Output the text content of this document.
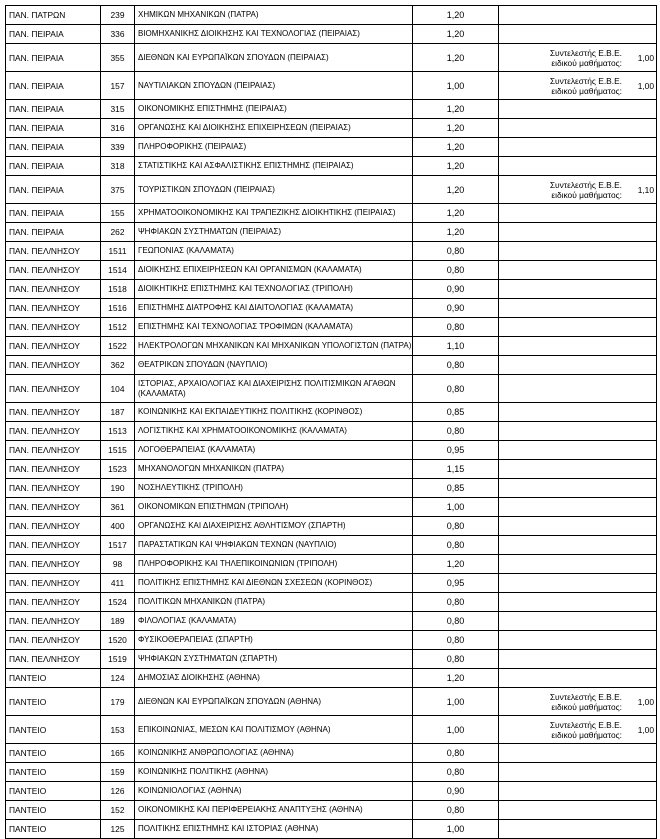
ΠΑΝ. ΠΑΤΡΩΝ	239	ΧΗΜΙΚΩΝ ΜΗΧΑΝΙΚΩΝ (ΠΑΤΡΑ)	1,20	
ΠΑΝ. ΠΕΙΡΑΙΑ	336	ΒΙΟΜΗΧΑΝΙΚΗΣ ΔΙΟΙΚΗΣΗΣ ΚΑΙ ΤΕΧΝΟΛΟΓΙΑΣ (ΠΕΙΡΑΙΑΣ)	1,20	
ΠΑΝ. ΠΕΙΡΑΙΑ	355	ΔΙΕΘΝΩΝ ΚΑΙ ΕΥΡΩΠΑΪΚΩΝ ΣΠΟΥΔΩΝ (ΠΕΙΡΑΙΑΣ)	1,20	Συντελεστής Ε.Β.Ε.
ειδικού μαθήματος: 1,00

ΠΑΝ. ΠΕΙΡΑΙΑ	157	ΝΑΥΤΙΛΙΑΚΩΝ ΣΠΟΥΔΩΝ (ΠΕΙΡΑΙΑΣ)	1,00	Συντελεστής Ε.Β.Ε.
ειδικού μαθήματος: 1,00

ΠΑΝ. ΠΕΙΡΑΙΑ	315	ΟΙΚΟΝΟΜΙΚΗΣ ΕΠΙΣΤΗΜΗΣ (ΠΕΙΡΑΙΑΣ)	1,20	
ΠΑΝ. ΠΕΙΡΑΙΑ	316	ΟΡΓΑΝΩΣΗΣ ΚΑΙ ΔΙΟΙΚΗΣΗΣ ΕΠΙΧΕΙΡΗΣΕΩΝ (ΠΕΙΡΑΙΑΣ)	1,20	
ΠΑΝ. ΠΕΙΡΑΙΑ	339	ΠΛΗΡΟΦΟΡΙΚΗΣ (ΠΕΙΡΑΙΑΣ)	1,20	
ΠΑΝ. ΠΕΙΡΑΙΑ	318	ΣΤΑΤΙΣΤΙΚΗΣ ΚΑΙ ΑΣΦΑΛΙΣΤΙΚΗΣ ΕΠΙΣΤΗΜΗΣ (ΠΕΙΡΑΙΑΣ)	1,20	
ΠΑΝ. ΠΕΙΡΑΙΑ	375	ΤΟΥΡΙΣΤΙΚΩΝ ΣΠΟΥΔΩΝ (ΠΕΙΡΑΙΑΣ)	1,20	Συντελεστής Ε.Β.Ε.
ειδικού μαθήματος: 1,10

ΠΑΝ. ΠΕΙΡΑΙΑ	155	ΧΡΗΜΑΤΟΟΙΚΟΝΟΜΙΚΗΣ ΚΑΙ ΤΡΑΠΕΖΙΚΗΣ ΔΙΟΙΚΗΤΙΚΗΣ (ΠΕΙΡΑΙΑΣ)	1,20	
ΠΑΝ. ΠΕΙΡΑΙΑ	262	ΨΗΦΙΑΚΩΝ ΣΥΣΤΗΜΑΤΩΝ (ΠΕΙΡΑΙΑΣ)	1,20	
ΠΑΝ. ΠΕΛ/ΝΗΣΟΥ	1511	ΓΕΩΠΟΝΙΑΣ (ΚΑΛΑΜΑΤΑ)	0,80	
ΠΑΝ. ΠΕΛ/ΝΗΣΟΥ	1514	ΔΙΟΙΚΗΣΗΣ ΕΠΙΧΕΙΡΗΣΕΩΝ ΚΑΙ ΟΡΓΑΝΙΣΜΩΝ (ΚΑΛΑΜΑΤΑ)	0,80	
ΠΑΝ. ΠΕΛ/ΝΗΣΟΥ	1518	ΔΙΟΙΚΗΤΙΚΗΣ ΕΠΙΣΤΗΜΗΣ ΚΑΙ ΤΕΧΝΟΛΟΓΙΑΣ (ΤΡΙΠΟΛΗ)	0,90	
ΠΑΝ. ΠΕΛ/ΝΗΣΟΥ	1516	ΕΠΙΣΤΗΜΗΣ ΔΙΑΤΡΟΦΗΣ ΚΑΙ ΔΙΑΙΤΟΛΟΓΙΑΣ (ΚΑΛΑΜΑΤΑ)	0,90	
ΠΑΝ. ΠΕΛ/ΝΗΣΟΥ	1512	ΕΠΙΣΤΗΜΗΣ ΚΑΙ ΤΕΧΝΟΛΟΓΙΑΣ ΤΡΟΦΙΜΩΝ (ΚΑΛΑΜΑΤΑ)	0,80	
ΠΑΝ. ΠΕΛ/ΝΗΣΟΥ	1522	ΗΛΕΚΤΡΟΛΟΓΩΝ ΜΗΧΑΝΙΚΩΝ ΚΑΙ ΜΗΧΑΝΙΚΩΝ ΥΠΟΛΟΓΙΣΤΩΝ (ΠΑΤΡΑ)	1,10	
ΠΑΝ. ΠΕΛ/ΝΗΣΟΥ	362	ΘΕΑΤΡΙΚΩΝ ΣΠΟΥΔΩΝ (ΝΑΥΠΛΙΟ)	0,80	
ΠΑΝ. ΠΕΛ/ΝΗΣΟΥ	104	ΙΣΤΟΡΙΑΣ, ΑΡΧΑΙΟΛΟΓΙΑΣ ΚΑΙ ΔΙΑΧΕΙΡΙΣΗΣ ΠΟΛΙΤΙΣΜΙΚΩΝ ΑΓΑΘΩΝ (ΚΑΛΑΜΑΤΑ)	0,80	
ΠΑΝ. ΠΕΛ/ΝΗΣΟΥ	187	ΚΟΙΝΩΝΙΚΗΣ ΚΑΙ ΕΚΠΑΙΔΕΥΤΙΚΗΣ ΠΟΛΙΤΙΚΗΣ (ΚΟΡΙΝΘΟΣ)	0,85	
ΠΑΝ. ΠΕΛ/ΝΗΣΟΥ	1513	ΛΟΓΙΣΤΙΚΗΣ ΚΑΙ ΧΡΗΜΑΤΟΟΙΚΟΝΟΜΙΚΗΣ (ΚΑΛΑΜΑΤΑ)	0,80	
ΠΑΝ. ΠΕΛ/ΝΗΣΟΥ	1515	ΛΟΓΟΘΕΡΑΠΕΙΑΣ (ΚΑΛΑΜΑΤΑ)	0,95	
ΠΑΝ. ΠΕΛ/ΝΗΣΟΥ	1523	ΜΗΧΑΝΟΛΟΓΩΝ ΜΗΧΑΝΙΚΩΝ (ΠΑΤΡΑ)	1,15	
ΠΑΝ. ΠΕΛ/ΝΗΣΟΥ	190	ΝΟΣΗΛΕΥΤΙΚΗΣ (ΤΡΙΠΟΛΗ)	0,85	
ΠΑΝ. ΠΕΛ/ΝΗΣΟΥ	361	ΟΙΚΟΝΟΜΙΚΩΝ ΕΠΙΣΤΗΜΩΝ (ΤΡΙΠΟΛΗ)	1,00	
ΠΑΝ. ΠΕΛ/ΝΗΣΟΥ	400	ΟΡΓΑΝΩΣΗΣ ΚΑΙ ΔΙΑΧΕΙΡΙΣΗΣ ΑΘΛΗΤΙΣΜΟΥ (ΣΠΑΡΤΗ)	0,80	
ΠΑΝ. ΠΕΛ/ΝΗΣΟΥ	1517	ΠΑΡΑΣΤΑΤΙΚΩΝ ΚΑΙ ΨΗΦΙΑΚΩΝ ΤΕΧΝΩΝ (ΝΑΥΠΛΙΟ)	0,80	
ΠΑΝ. ΠΕΛ/ΝΗΣΟΥ	98	ΠΛΗΡΟΦΟΡΙΚΗΣ ΚΑΙ ΤΗΛΕΠΙΚΟΙΝΩΝΙΩΝ (ΤΡΙΠΟΛΗ)	1,20	
ΠΑΝ. ΠΕΛ/ΝΗΣΟΥ	411	ΠΟΛΙΤΙΚΗΣ ΕΠΙΣΤΗΜΗΣ ΚΑΙ ΔΙΕΘΝΩΝ ΣΧΕΣΕΩΝ (ΚΟΡΙΝΘΟΣ)	0,95	
ΠΑΝ. ΠΕΛ/ΝΗΣΟΥ	1524	ΠΟΛΙΤΙΚΩΝ ΜΗΧΑΝΙΚΩΝ (ΠΑΤΡΑ)	0,80	
ΠΑΝ. ΠΕΛ/ΝΗΣΟΥ	189	ΦΙΛΟΛΟΓΙΑΣ (ΚΑΛΑΜΑΤΑ)	0,80	
ΠΑΝ. ΠΕΛ/ΝΗΣΟΥ	1520	ΦΥΣΙΚΟΘΕΡΑΠΕΙΑΣ (ΣΠΑΡΤΗ)	0,80	
ΠΑΝ. ΠΕΛ/ΝΗΣΟΥ	1519	ΨΗΦΙΑΚΩΝ ΣΥΣΤΗΜΑΤΩΝ (ΣΠΑΡΤΗ)	0,80	
ΠΑΝΤΕΙΟ	124	ΔΗΜΟΣΙΑΣ ΔΙΟΙΚΗΣΗΣ (ΑΘΗΝΑ)	1,20	
ΠΑΝΤΕΙΟ	179	ΔΙΕΘΝΩΝ ΚΑΙ ΕΥΡΩΠΑΪΚΩΝ ΣΠΟΥΔΩΝ (ΑΘΗΝΑ)	1,00	Συντελεστής Ε.Β.Ε.
ειδικού μαθήματος: 1,00

ΠΑΝΤΕΙΟ	153	ΕΠΙΚΟΙΝΩΝΙΑΣ, ΜΕΣΩΝ ΚΑΙ ΠΟΛΙΤΙΣΜΟΥ (ΑΘΗΝΑ)	1,00	Συντελεστής Ε.Β.Ε.
ειδικού μαθήματος: 1,00

ΠΑΝΤΕΙΟ	165	ΚΟΙΝΩΝΙΚΗΣ ΑΝΘΡΩΠΟΛΟΓΙΑΣ (ΑΘΗΝΑ)	0,80	
ΠΑΝΤΕΙΟ	159	ΚΟΙΝΩΝΙΚΗΣ ΠΟΛΙΤΙΚΗΣ (ΑΘΗΝΑ)	0,80	
ΠΑΝΤΕΙΟ	126	ΚΟΙΝΩΝΙΟΛΟΓΙΑΣ (ΑΘΗΝΑ)	0,90	
ΠΑΝΤΕΙΟ	152	ΟΙΚΟΝΟΜΙΚΗΣ ΚΑΙ ΠΕΡΙΦΕΡΕΙΑΚΗΣ ΑΝΑΠΤΥΞΗΣ (ΑΘΗΝΑ)	0,80	
ΠΑΝΤΕΙΟ	125	ΠΟΛΙΤΙΚΗΣ ΕΠΙΣΤΗΜΗΣ ΚΑΙ ΙΣΤΟΡΙΑΣ (ΑΘΗΝΑ)	1,00	
